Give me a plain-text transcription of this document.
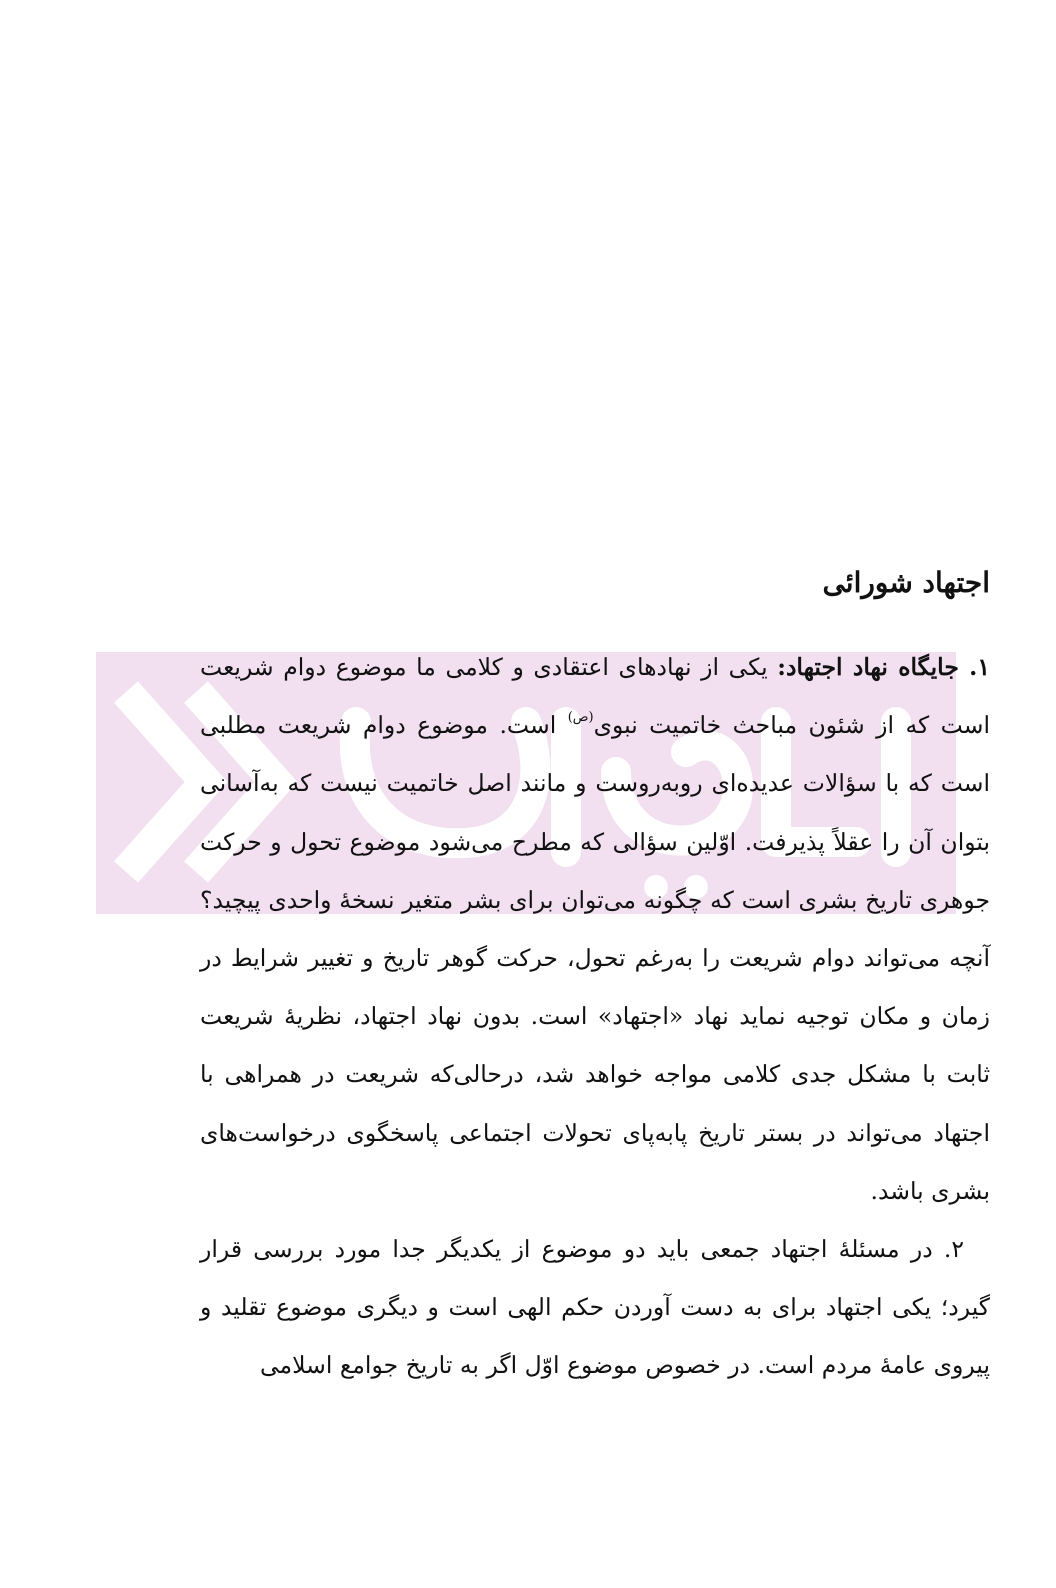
اجتهاد شورائی

۱. جایگاه نهاد اجتهاد: یکی از نهادهای اعتقادی و کلامی ما موضوع دوام شریعت است که از شئون مباحث خاتمیت نبوی$^{(ص)}$ است. موضوع دوام شریعت مطلبی است که با سؤالات عدیده‌ای روبه‌روست و مانند اصل خاتمیت نیست که به‌آسانی بتوان آن را عقلاً پذیرفت. اوّلین سؤالی که مطرح می‌شود موضوع تحول و حرکت جوهری تاریخ بشری است که چگونه می‌توان برای بشر متغیر نسخهٔ واحدی پیچید؟ آنچه می‌تواند دوام شریعت را به‌رغم تحول، حرکت گوهر تاریخ و تغییر شرایط در زمان و مکان توجیه نماید نهاد «اجتهاد» است. بدون نهاد اجتهاد، نظریهٔ شریعت ثابت با مشکل جدی کلامی مواجه خواهد شد، درحالی‌که شریعت در همراهی با اجتهاد می‌تواند در بستر تاریخ پابه‌پای تحولات اجتماعی پاسخگوی درخواست‌های بشری باشد.

۲. در مسئلهٔ اجتهاد جمعی باید دو موضوع از یکدیگر جدا مورد بررسی قرار گیرد؛ یکی اجتهاد برای به دست آوردن حکم الهی است و دیگری موضوع تقلید و پیروی عامهٔ مردم است. در خصوص موضوع اوّل اگر به تاریخ جوامع اسلامی
